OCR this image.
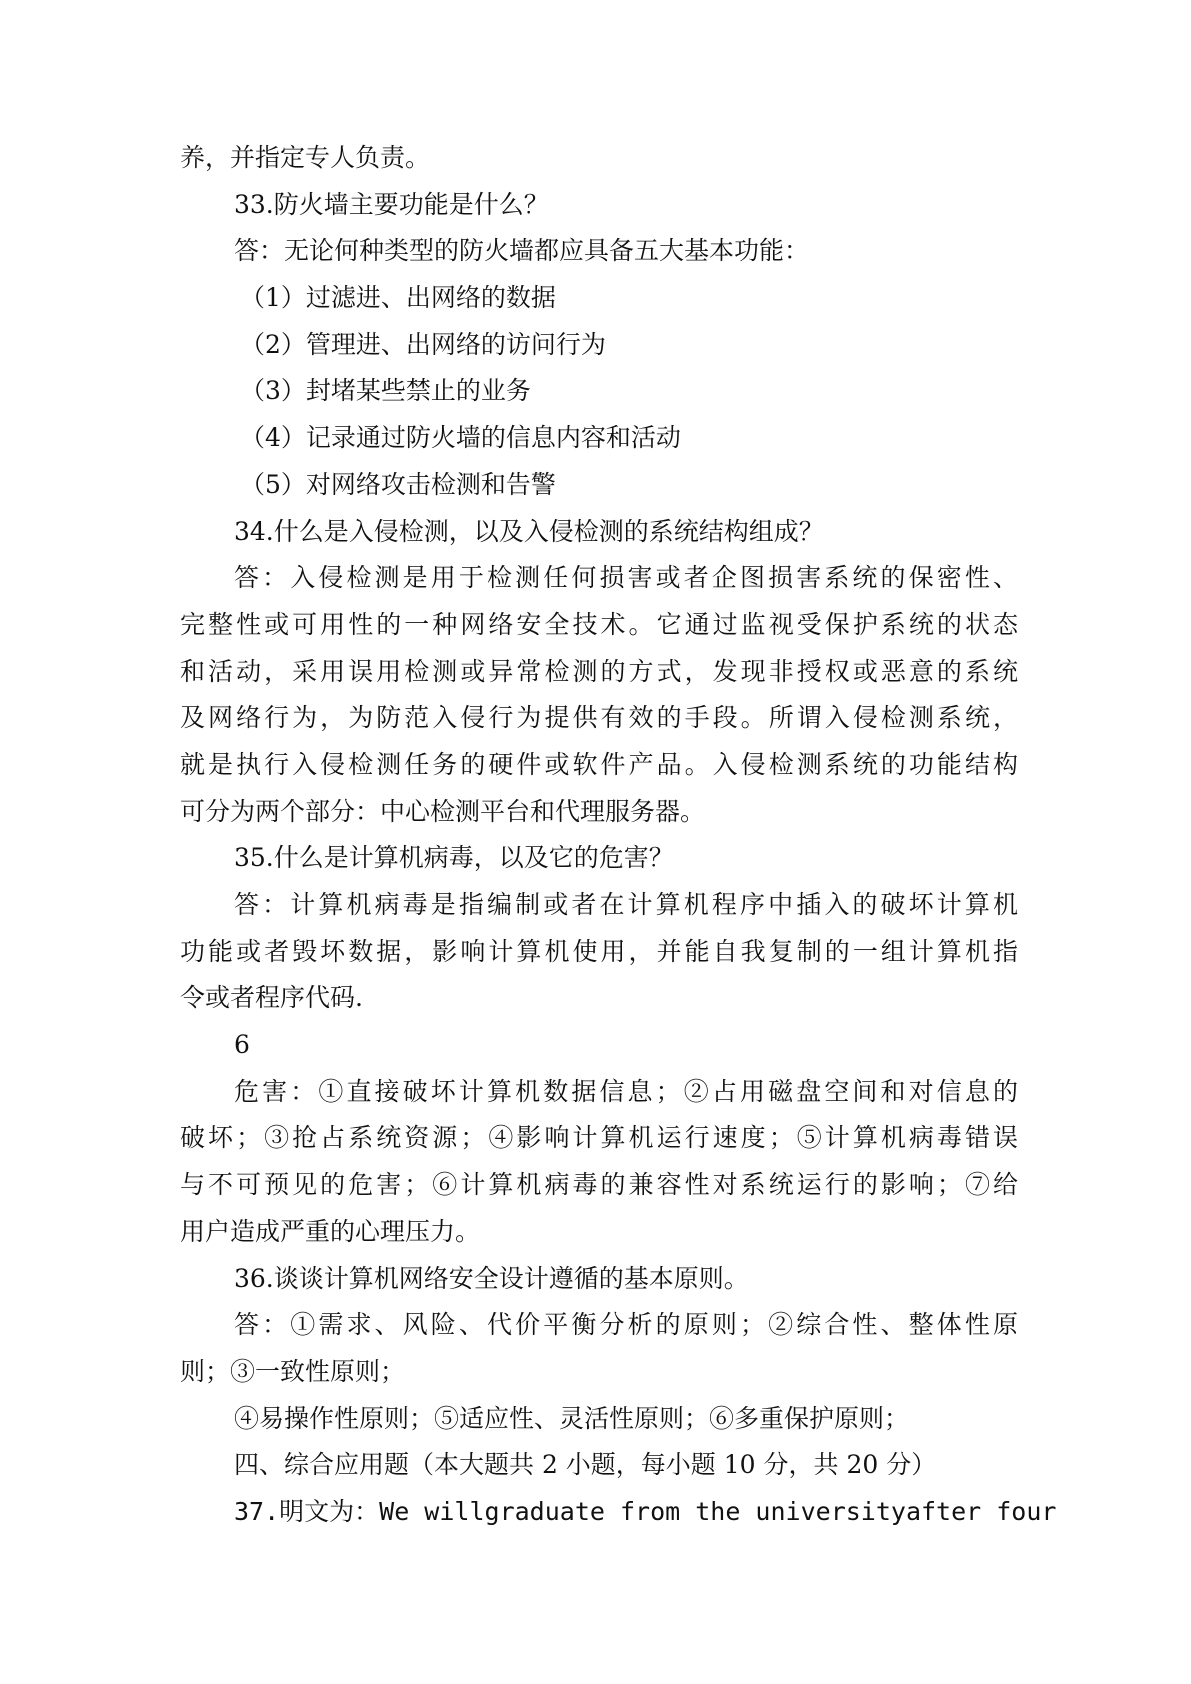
养，并指定专人负责。
33.防火墙主要功能是什么？
答：无论何种类型的防火墙都应具备五大基本功能：
（1）过滤进、出网络的数据
（2）管理进、出网络的访问行为
（3）封堵某些禁止的业务
（4）记录通过防火墙的信息内容和活动
（5）对网络攻击检测和告警
34.什么是入侵检测，以及入侵检测的系统结构组成？
答：入侵检测是用于检测任何损害或者企图损害系统的保密性、
完整性或可用性的一种网络安全技术。它通过监视受保护系统的状态
和活动，采用误用检测或异常检测的方式，发现非授权或恶意的系统
及网络行为，为防范入侵行为提供有效的手段。所谓入侵检测系统，
就是执行入侵检测任务的硬件或软件产品。入侵检测系统的功能结构
可分为两个部分：中心检测平台和代理服务器。
35.什么是计算机病毒，以及它的危害？
答：计算机病毒是指编制或者在计算机程序中插入的破坏计算机
功能或者毁坏数据，影响计算机使用，并能自我复制的一组计算机指
令或者程序代码.
6
危害：①直接破坏计算机数据信息；②占用磁盘空间和对信息的
破坏；③抢占系统资源；④影响计算机运行速度；⑤计算机病毒错误
与不可预见的危害；⑥计算机病毒的兼容性对系统运行的影响；⑦给
用户造成严重的心理压力。
36.谈谈计算机网络安全设计遵循的基本原则。
答：①需求、风险、代价平衡分析的原则；②综合性、整体性原
则；③一致性原则；
④易操作性原则；⑤适应性、灵活性原则；⑥多重保护原则；
四、综合应用题（本大题共 2 小题，每小题 10 分，共 20 分）
37.明文为：We willgraduate from the universityafter four
